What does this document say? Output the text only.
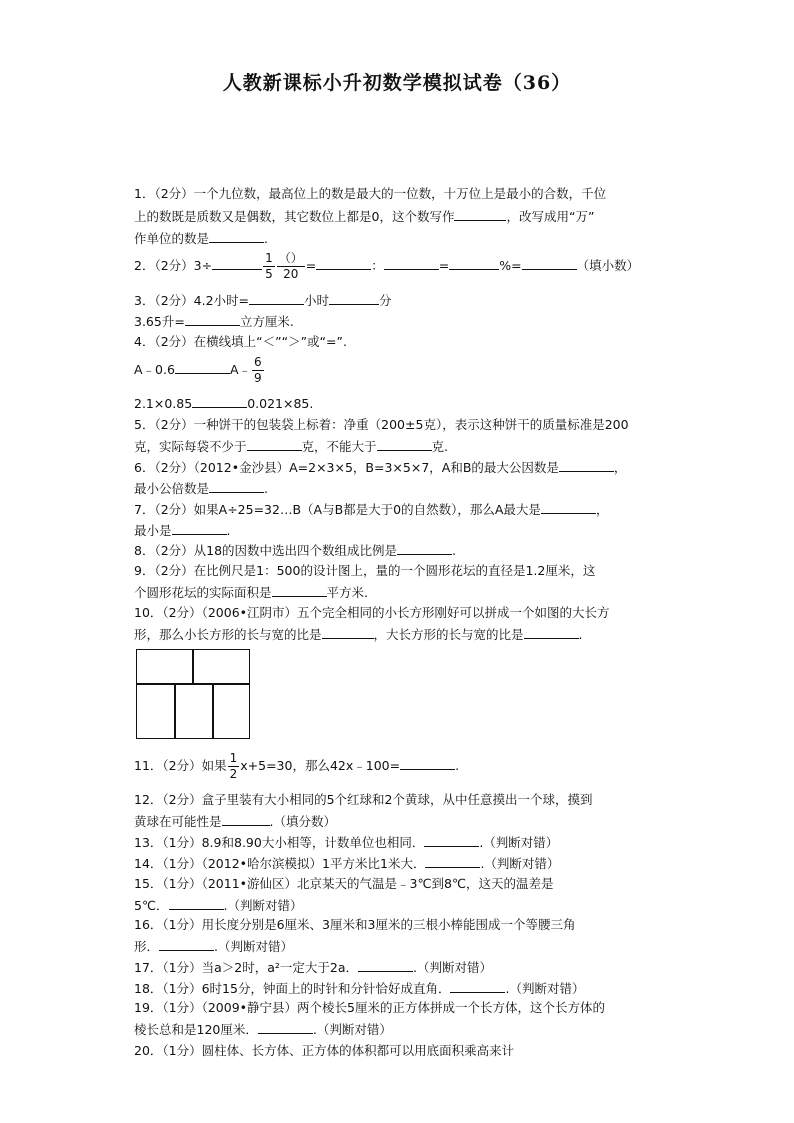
人教新课标小升初数学模拟试卷（36）
1．（2分）一个九位数，最高位上的数是最大的一位数，十万位上是最小的合数，千位
上的数既是质数又是偶数，其它数位上都是0，这个数写作	，改写成用“万”
作单位的数是	.
2．（2分）3÷	$\frac{1}{5} \frac{()}{20}$ =	：	=	%=	（填小数）
3．（2分）4.2小时=	小时	分
3.65升=	立方厘米.
4．（2分）在横线填上“＜”“＞”或“=”.
A﹣0.6	A﹣ $\frac{6}{9}$
2.1×0.85	0.021×85.
5．（2分）一种饼干的包装袋上标着：净重（200±5克），表示这种饼干的质量标准是200
克，实际每袋不少于	克，不能大于	克.
6．（2分）（2012•金沙县）A=2×3×5，B=3×5×7，A和B的最大公因数是	，
最小公倍数是	.
7．（2分）如果A÷25=32…B（A与B都是大于0的自然数），那么A最大是	，
最小是	.
8．（2分）从18的因数中选出四个数组成比例是	.
9．（2分）在比例尺是1：500的设计图上，量的一个圆形花坛的直径是1.2厘米，这
个圆形花坛的实际面积是	平方米.
10．（2分）（2006•江阴市）五个完全相同的小长方形刚好可以拼成一个如图的大长方
形，那么小长方形的长与宽的比是	，大长方形的长与宽的比是	.
11．（2分）如果 $\frac{1}{2} x+5=30$，那么42x﹣100=	.
12．（2分）盒子里装有大小相同的5个红球和2个黄球，从中任意摸出一个球，摸到
黄球在可能性是	.（填分数）
13．（1分）8.9和8.90大小相等，计数单位也相同．	.（判断对错）
14．（1分）（2012•哈尔滨模拟）1平方米比1米大．	.（判断对错）
15．（1分）（2011•游仙区）北京某天的气温是﹣3℃到8℃，这天的温差是
5℃．	.（判断对错）
16．（1分）用长度分别是6厘米、3厘米和3厘米的三根小棒能围成一个等腰三角
形．	.（判断对错）
17．（1分）当a＞2时，a²一定大于2a．	.（判断对错）
18．（1分）6时15分，钟面上的时针和分针恰好成直角．	.（判断对错）
19．（1分）（2009•静宁县）两个棱长5厘米的正方体拼成一个长方体，这个长方体的
棱长总和是120厘米．	.（判断对错）
20．（1分）圆柱体、长方体、正方体的体积都可以用底面积乘高来计
